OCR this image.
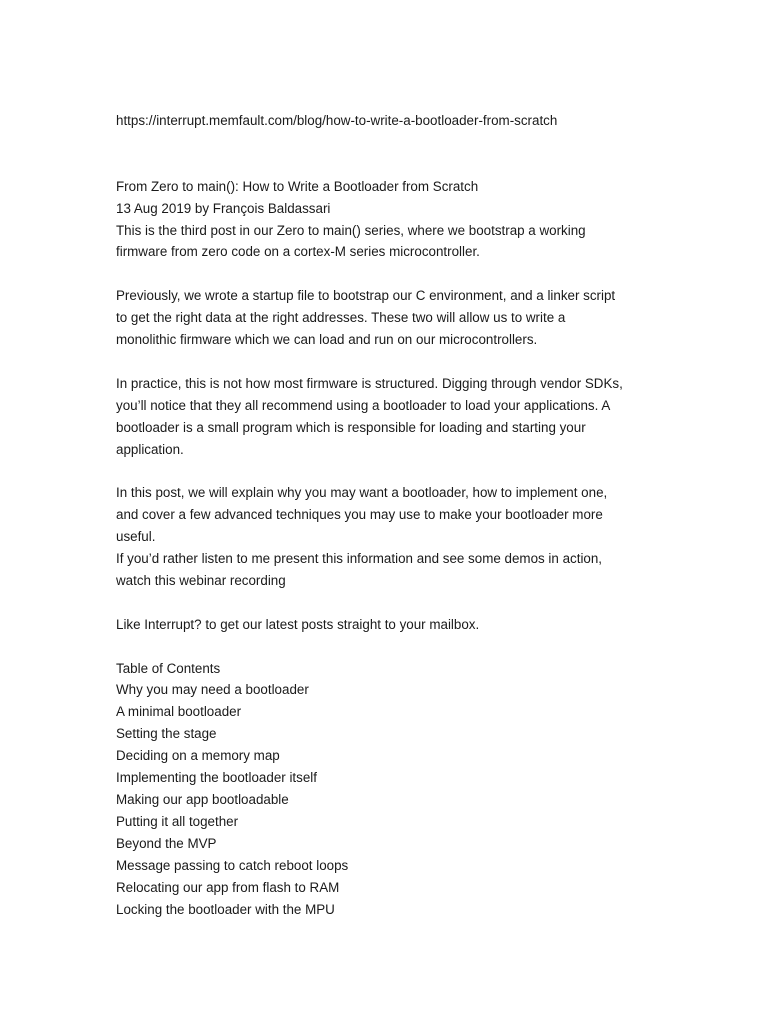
https://interrupt.memfault.com/blog/how-to-write-a-bootloader-from-scratch

From Zero to main(): How to Write a Bootloader from Scratch

13 Aug 2019 by François Baldassari

This is the third post in our Zero to main() series, where we bootstrap a working

firmware from zero code on a cortex-M series microcontroller.

Previously, we wrote a startup file to bootstrap our C environment, and a linker script

to get the right data at the right addresses. These two will allow us to write a

monolithic firmware which we can load and run on our microcontrollers.

In practice, this is not how most firmware is structured. Digging through vendor SDKs,

you’ll notice that they all recommend using a bootloader to load your applications. A

bootloader is a small program which is responsible for loading and starting your

application.

In this post, we will explain why you may want a bootloader, how to implement one,

and cover a few advanced techniques you may use to make your bootloader more

useful.

If you’d rather listen to me present this information and see some demos in action,

watch this webinar recording

Like Interrupt? to get our latest posts straight to your mailbox.

Table of Contents

Why you may need a bootloader

A minimal bootloader

Setting the stage

Deciding on a memory map

Implementing the bootloader itself

Making our app bootloadable

Putting it all together

Beyond the MVP

Message passing to catch reboot loops

Relocating our app from flash to RAM

Locking the bootloader with the MPU
